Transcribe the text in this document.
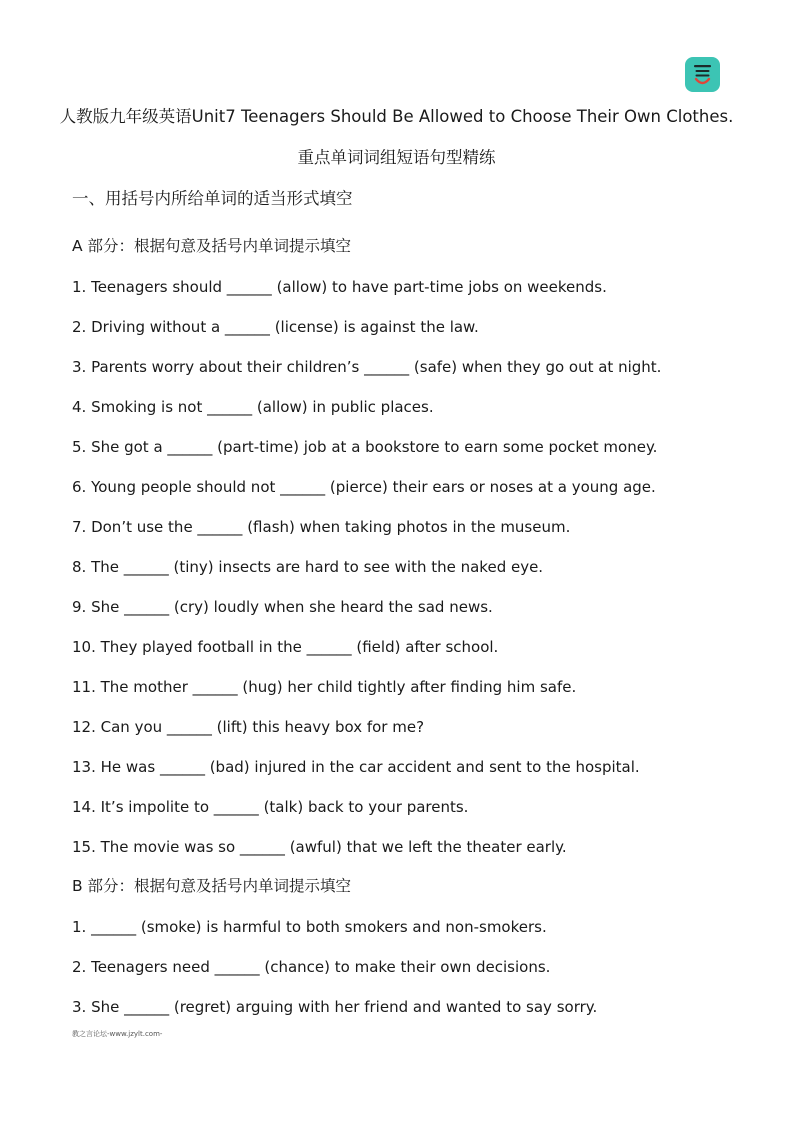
人教版九年级英语Unit7 Teenagers Should Be Allowed to Choose Their Own Clothes.
重点单词词组短语句型精练
一、用括号内所给单词的适当形式填空
A 部分：根据句意及括号内单词提示填空
1. Teenagers should ______ (allow) to have part-time jobs on weekends.
2. Driving without a ______ (license) is against the law.
3. Parents worry about their children’s ______ (safe) when they go out at night.
4. Smoking is not ______ (allow) in public places.
5. She got a ______ (part-time) job at a bookstore to earn some pocket money.
6. Young people should not ______ (pierce) their ears or noses at a young age.
7. Don’t use the ______ (flash) when taking photos in the museum.
8. The ______ (tiny) insects are hard to see with the naked eye.
9. She ______ (cry) loudly when she heard the sad news.
10. They played football in the ______ (field) after school.
11. The mother ______ (hug) her child tightly after finding him safe.
12. Can you ______ (lift) this heavy box for me?
13. He was ______ (bad) injured in the car accident and sent to the hospital.
14. It’s impolite to ______ (talk) back to your parents.
15. The movie was so ______ (awful) that we left the theater early.
B 部分：根据句意及括号内单词提示填空
1. ______ (smoke) is harmful to both smokers and non-smokers.
2. Teenagers need ______ (chance) to make their own decisions.
3. She ______ (regret) arguing with her friend and wanted to say sorry.
教之言论坛-www.jzylt.com-
